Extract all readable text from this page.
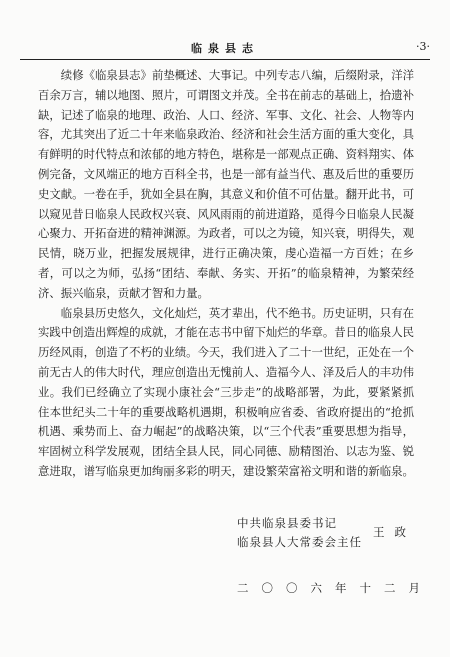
临泉县志	·3·

续修《临泉县志》前垫概述、大事记。中列专志八编，后缀附录，洋洋百余万言，辅以地图、照片，可谓图文并茂。全书在前志的基础上，拾遗补缺，记述了临泉的地理、政治、人口、经济、军事、文化、社会、人物等内容，尤其突出了近二十年来临泉政治、经济和社会生活方面的重大变化，具有鲜明的时代特点和浓郁的地方特色，堪称是一部观点正确、资料翔实、体例完备，文风端正的地方百科全书，也是一部有益当代、惠及后世的重要历史文献。一卷在手，犹如全县在胸，其意义和价值不可估量。翻开此书，可以窥见昔日临泉人民政权兴衰、风风雨雨的前进道路，觅得今日临泉人民凝心聚力、开拓奋进的精神渊源。为政者，可以之为镜，知兴衰，明得失，观民情，晓万业，把握发展规律，进行正确决策，虔心造福一方百姓；在乡者，可以之为师，弘扬“团结、奉献、务实、开拓”的临泉精神，为繁荣经济、振兴临泉，贡献才智和力量。

临泉县历史悠久，文化灿烂，英才辈出，代不绝书。历史证明，只有在实践中创造出辉煌的成就，才能在志书中留下灿烂的华章。昔日的临泉人民历经风雨，创造了不朽的业绩。今天，我们进入了二十一世纪，正处在一个前无古人的伟大时代，理应创造出无愧前人、造福今人、泽及后人的丰功伟业。我们已经确立了实现小康社会“三步走”的战略部署，为此，要紧紧抓住本世纪头二十年的重要战略机遇期，积极响应省委、省政府提出的“抢抓机遇、乘势而上、奋力崛起”的战略决策，以“三个代表”重要思想为指导，牢固树立科学发展观，团结全县人民，同心同德、励精图治、以志为鉴、锐意进取，谱写临泉更加绚丽多彩的明天，建设繁荣富裕文明和谐的新临泉。

中共临泉县委书记
临泉县人大常委会主任
王政
二〇〇六年十二月
